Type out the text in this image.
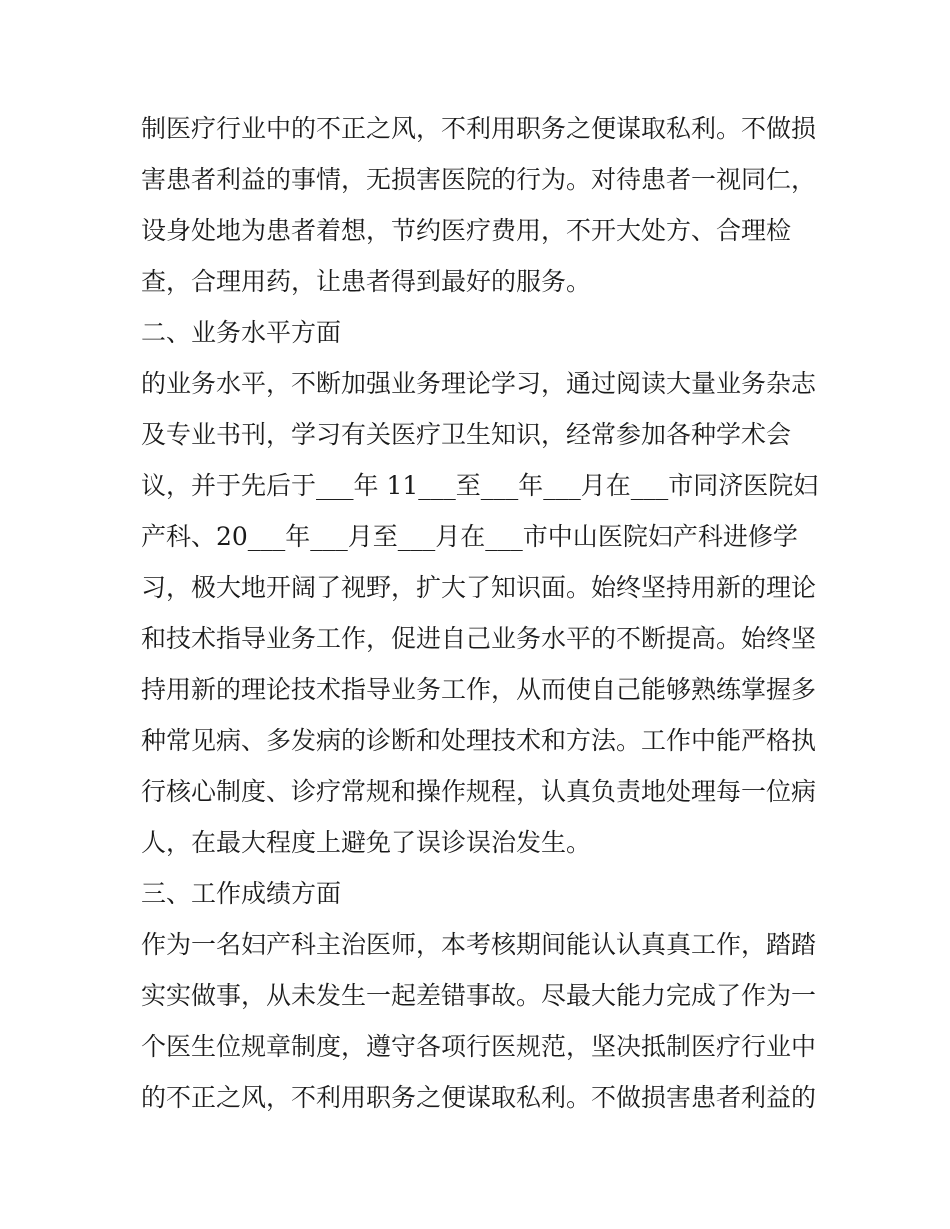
制医疗行业中的不正之风，不利用职务之便谋取私利。不做损
害患者利益的事情，无损害医院的行为。对待患者一视同仁，
设身处地为患者着想，节约医疗费用，不开大处方、合理检
查，合理用药，让患者得到最好的服务。
二、业务水平方面
的业务水平，不断加强业务理论学习，通过阅读大量业务杂志
及专业书刊，学习有关医疗卫生知识，经常参加各种学术会
议，并于先后于___年 11___至___年___月在___市同济医院妇
产科、20___年___月至___月在___市中山医院妇产科进修学
习，极大地开阔了视野，扩大了知识面。始终坚持用新的理论
和技术指导业务工作，促进自己业务水平的不断提高。始终坚
持用新的理论技术指导业务工作，从而使自己能够熟练掌握多
种常见病、多发病的诊断和处理技术和方法。工作中能严格执
行核心制度、诊疗常规和操作规程，认真负责地处理每一位病
人，在最大程度上避免了误诊误治发生。
三、工作成绩方面
作为一名妇产科主治医师，本考核期间能认认真真工作，踏踏
实实做事，从未发生一起差错事故。尽最大能力完成了作为一
个医生位规章制度，遵守各项行医规范，坚决抵制医疗行业中
的不正之风，不利用职务之便谋取私利。不做损害患者利益的
